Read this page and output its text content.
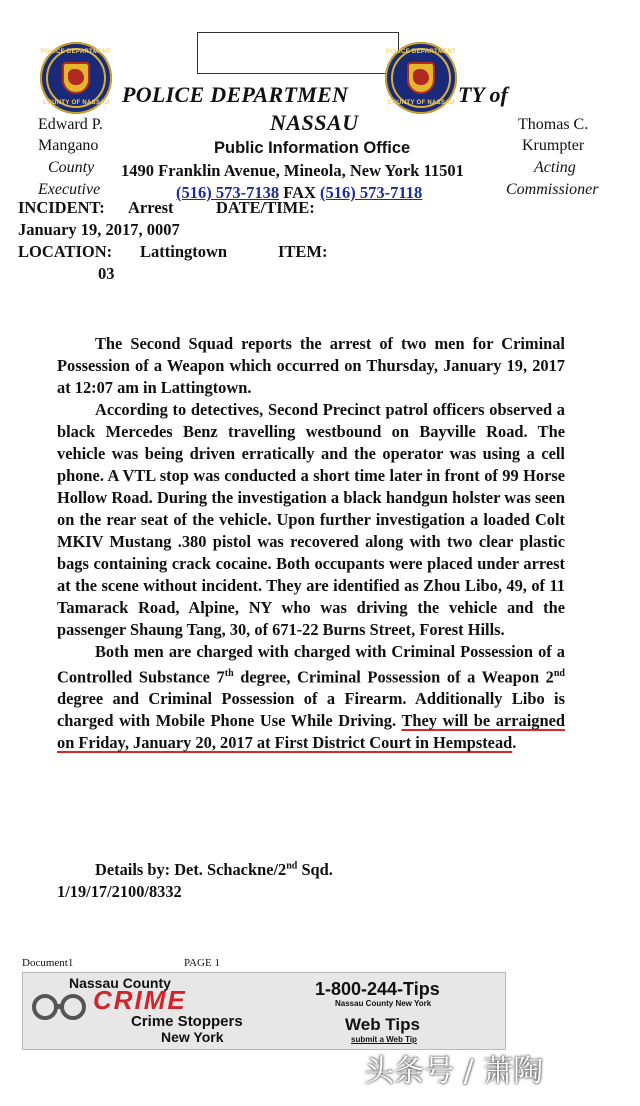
POLICE DEPARTMENT
COUNTY OF NASSAU
POLICE DEPARTMENT
COUNTY OF NASSAU
POLICE DEPARTMEN	TY of
NASSAU
Edward P.
Mangano
County
Executive
Thomas C.
Krumpter
Acting
Commissioner
Public Information Office
1490 Franklin Avenue, Mineola, New York 11501
(516) 573-7138 FAX (516) 573-7118
INCIDENT: Arrest	DATE/TIME:
January 19, 2017, 0007
LOCATION: Lattingtown	ITEM:
03

The Second Squad reports the arrest of two men for Criminal Possession of a Weapon which occurred on Thursday, January 19, 2017 at 12:07 am in Lattingtown.

According to detectives, Second Precinct patrol officers observed a black Mercedes Benz travelling westbound on Bayville Road. The vehicle was being driven erratically and the operator was using a cell phone. A VTL stop was conducted a short time later in front of 99 Horse Hollow Road. During the investigation a black handgun holster was seen on the rear seat of the vehicle. Upon further investigation a loaded Colt MKIV Mustang .380 pistol was recovered along with two clear plastic bags containing crack cocaine. Both occupants were placed under arrest at the scene without incident. They are identified as Zhou Libo, 49, of 11 Tamarack Road, Alpine, NY who was driving the vehicle and the passenger Shaung Tang, 30, of 671-22 Burns Street, Forest Hills.

Both men are charged with charged with Criminal Possession of a Controlled Substance 7th degree, Criminal Possession of a Weapon 2nd degree and Criminal Possession of a Firearm. Additionally Libo is charged with Mobile Phone Use While Driving. They will be arraigned on Friday, January 20, 2017 at First District Court in Hempstead.

Details by: Det. Schackne/2nd Sqd.
1/19/17/2100/8332
Document1	PAGE 1
Nassau County
CRIME
Crime Stoppers
New York
1-800-244-Tips
Nassau County New York
Web Tips
submit a Web Tip
头条号 / 萧陶
